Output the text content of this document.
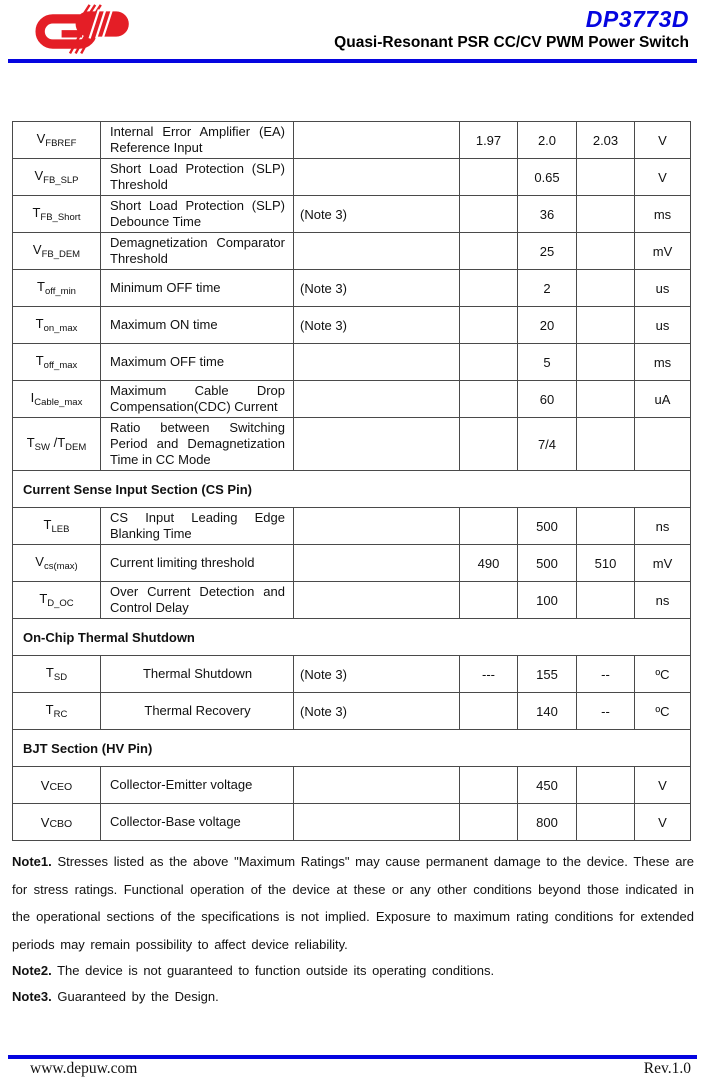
DP3773D
Quasi-Resonant PSR CC/CV PWM Power Switch
$V_{FBREF}$	Internal Error Amplifier (EA) Reference Input		1.97	2.0	2.03	V
$V_{FB\_SLP}$	Short Load Protection (SLP) Threshold			0.65		V
$T_{FB\_Short}$	Short Load Protection (SLP) Debounce Time	(Note 3)		36		ms
$V_{FB\_DEM}$	Demagnetization Comparator Threshold			25		mV
$T_{off\_min}$	Minimum OFF time	(Note 3)		2		us
$T_{on\_max}$	Maximum ON time	(Note 3)		20		us
$T_{off\_max}$	Maximum OFF time			5		ms
$I_{Cable\_max}$	Maximum Cable Drop Compensation(CDC) Current			60		uA
$T_{SW}$ $/T_{DEM}$	Ratio between Switching Period and Demagnetization Time in CC Mode			7/4		
Current Sense Input Section (CS Pin)						
$T_{LEB}$	CS Input Leading Edge Blanking Time			500		ns
$V_{cs(max)}$	Current limiting threshold		490	500	510	mV
$T_{D\_OC}$	Over Current Detection and Control Delay			100		ns
On-Chip Thermal Shutdown						
$T_{SD}$	Thermal Shutdown	(Note 3)	---	155	--	ºC
$T_{RC}$	Thermal Recovery	(Note 3)		140	--	ºC
BJT Section (HV Pin)						
VCEO	Collector-Emitter voltage			450		V
VCBO	Collector-Base voltage			800		V
Note1. Stresses listed as the above "Maximum Ratings" may cause permanent damage to the device. These are for stress ratings. Functional operation of the device at these or any other conditions beyond those indicated in the operational sections of the specifications is not implied. Exposure to maximum rating conditions for extended periods may remain possibility to affect device reliability.
Note2. The device is not guaranteed to function outside its operating conditions.
Note3. Guaranteed by the Design.
www.depuw.com	Rev.1.0
